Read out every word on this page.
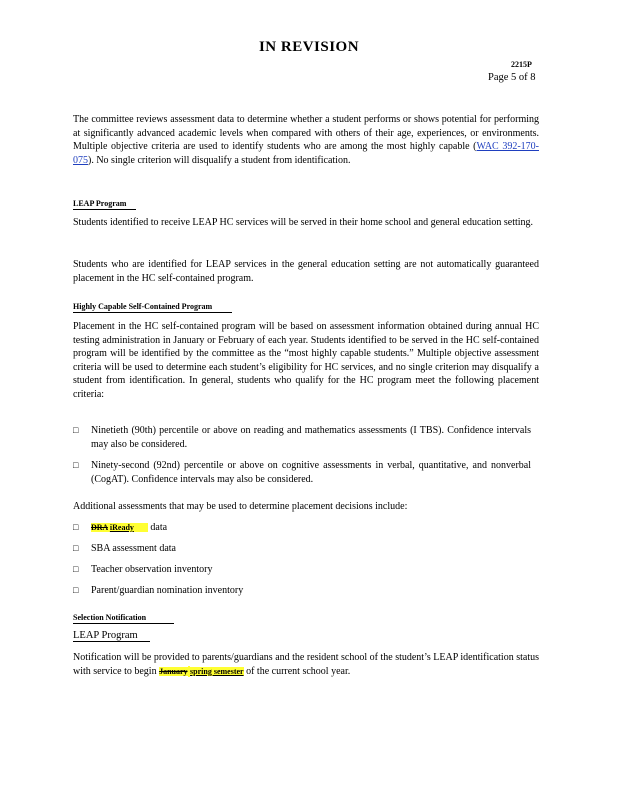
IN REVISION
2215P
Page 5 of 8
The committee reviews assessment data to determine whether a student performs or shows potential for performing at significantly advanced academic levels when compared with others of their age, experiences, or environments. Multiple objective criteria are used to identify students who are among the most highly capable (WAC 392-170-075). No single criterion will disqualify a student from identification.
LEAP Program
Students identified to receive LEAP HC services will be served in their home school and general education setting.
Students who are identified for LEAP services in the general education setting are not automatically guaranteed placement in the HC self-contained program.
Highly Capable Self-Contained Program
Placement in the HC self-contained program will be based on assessment information obtained during annual HC testing administration in January or February of each year. Students identified to be served in the HC self-contained program will be identified by the committee as the “most highly capable students.” Multiple objective assessment criteria will be used to determine each student’s eligibility for HC services, and no single criterion may disqualify a student from identification. In general, students who qualify for the HC program meet the following placement criteria:
□ Ninetieth (90th) percentile or above on reading and mathematics assessments (I TBS). Confidence intervals may also be considered.
□ Ninety-second (92nd) percentile or above on cognitive assessments in verbal, quantitative, and nonverbal (CogAT). Confidence intervals may also be considered.
Additional assessments that may be used to determine placement decisions include:
□	DRA iReady data
□ SBA assessment data
□ Teacher observation inventory
□ Parent/guardian nomination inventory
Selection Notification
LEAP Program
Notification will be provided to parents/guardians and the resident school of the student’s LEAP identification status with service to begin January spring semester of the current school year.
